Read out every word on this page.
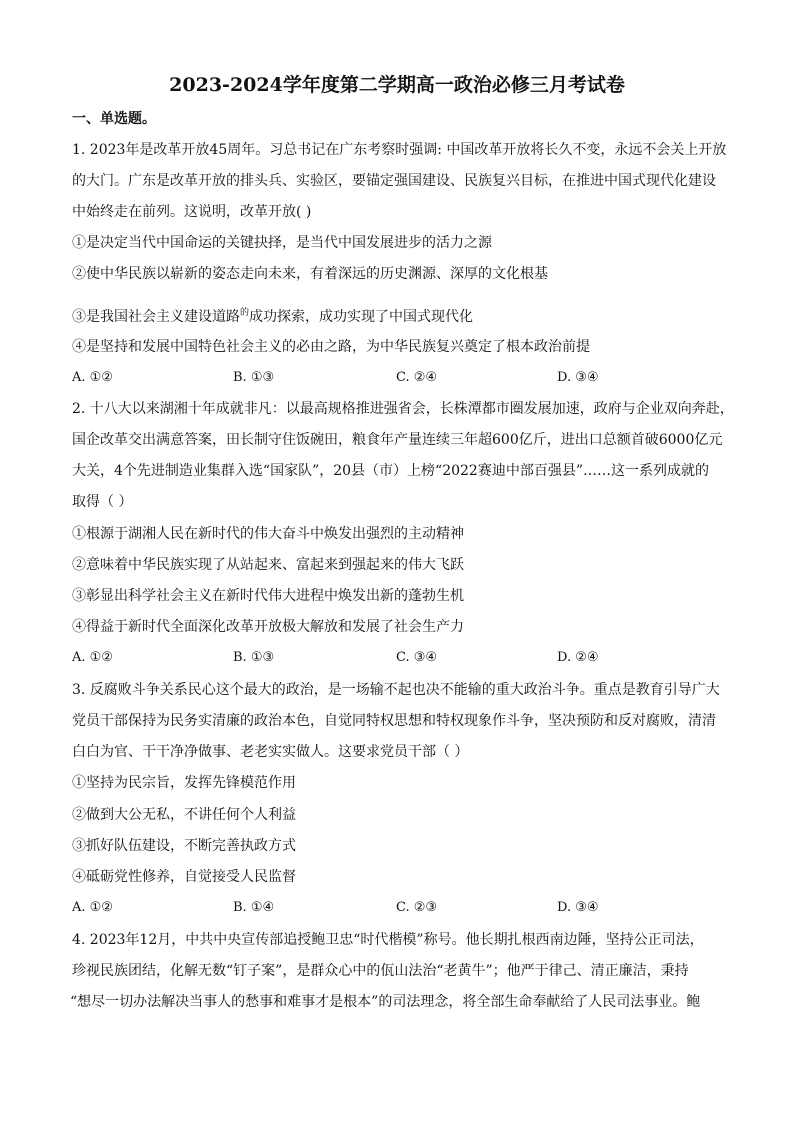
2023-2024学年度第二学期高一政治必修三月考试卷
一、单选题。
1. 2023年是改革开放45周年。习总书记在广东考察时强调: 中国改革开放将长久不变，永远不会关上开放
的大门。广东是改革开放的排头兵、实验区，要锚定强国建设、民族复兴目标，在推进中国式现代化建设
中始终走在前列。这说明，改革开放( )
①是决定当代中国命运的关键抉择，是当代中国发展进步的活力之源
②使中华民族以崭新的姿态走向未来，有着深远的历史渊源、深厚的文化根基
③是我国社会主义建设道路$^的$成功探索，成功实现了中国式现代化
④是坚持和发展中国特色社会主义的必由之路，为中华民族复兴奠定了根本政治前提
A. ①②	B. ①③	C. ②④	D. ③④
2. 十八大以来湖湘十年成就非凡：以最高规格推进强省会，长株潭都市圈发展加速，政府与企业双向奔赴，
国企改革交出满意答案，田长制守住饭碗田，粮食年产量连续三年超600亿斤，进出口总额首破6000亿元
大关，4个先进制造业集群入选“国家队”，20县（市）上榜“2022赛迪中部百强县”……这一系列成就的
取得（ ）
①根源于湖湘人民在新时代的伟大奋斗中焕发出强烈的主动精神
②意味着中华民族实现了从站起来、富起来到强起来的伟大飞跃
③彰显出科学社会主义在新时代伟大进程中焕发出新的蓬勃生机
④得益于新时代全面深化改革开放极大解放和发展了社会生产力
A. ①②	B. ①③	C. ③④	D. ②④
3. 反腐败斗争关系民心这个最大的政治，是一场输不起也决不能输的重大政治斗争。重点是教育引导广大
党员干部保持为民务实清廉的政治本色，自觉同特权思想和特权现象作斗争，坚决预防和反对腐败，清清
白白为官、干干净净做事、老老实实做人。这要求党员干部（ ）
①坚持为民宗旨，发挥先锋模范作用
②做到大公无私，不讲任何个人利益
③抓好队伍建设，不断完善执政方式
④砥砺党性修养，自觉接受人民监督
A. ①②	B. ①④	C. ②③	D. ③④
4. 2023年12月，中共中央宣传部追授鲍卫忠“时代楷模”称号。他长期扎根西南边陲，坚持公正司法，
珍视民族团结，化解无数“钉子案”，是群众心中的佤山法治“老黄牛”；他严于律己、清正廉洁，秉持
“想尽一切办法解决当事人的愁事和难事才是根本”的司法理念，将全部生命奉献给了人民司法事业。鲍
